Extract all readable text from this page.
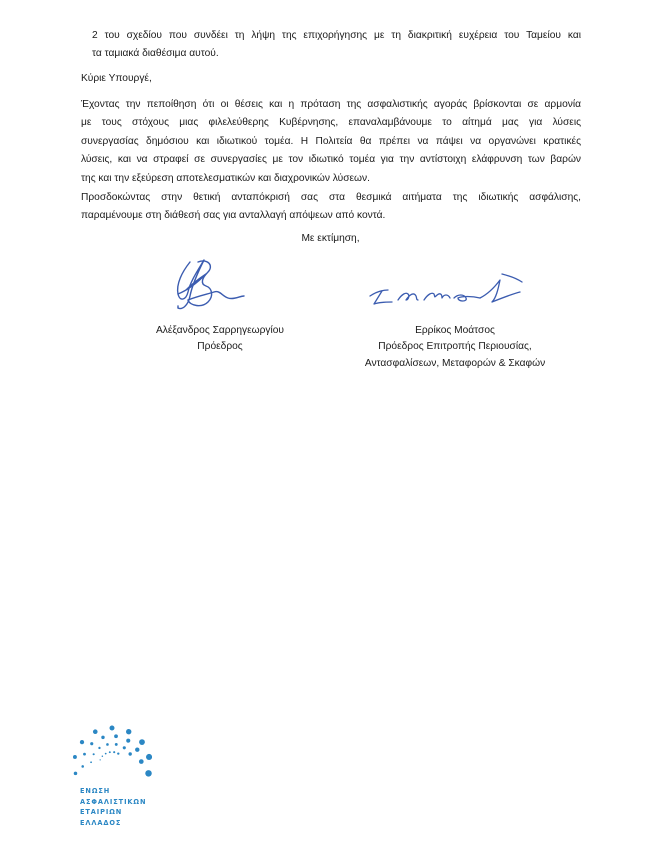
2 του σχεδίου που συνδέει τη λήψη της επιχορήγησης με τη διακριτική ευχέρεια του Ταμείου και
τα ταμιακά διαθέσιμα αυτού.

Κύριε Υπουργέ,

Έχοντας την πεποίθηση ότι οι θέσεις και η πρόταση της ασφαλιστικής αγοράς βρίσκονται σε αρμονία
με τους στόχους μιας φιλελεύθερης Κυβέρνησης, επαναλαμβάνουμε το αίτημά μας για λύσεις
συνεργασίας δημόσιου και ιδιωτικού τομέα. Η Πολιτεία θα πρέπει να πάψει να οργανώνει κρατικές
λύσεις, και να στραφεί σε συνεργασίες με τον ιδιωτικό τομέα για την αντίστοιχη ελάφρυνση των βαρών
της και την εξεύρεση αποτελεσματικών και διαχρονικών λύσεων.

Προσδοκώντας στην θετική ανταπόκρισή σας στα θεσμικά αιτήματα της ιδιωτικής ασφάλισης,
παραμένουμε στη διάθεσή σας για ανταλλαγή απόψεων από κοντά.

Με εκτίμηση,
Αλέξανδρος Σαρρηγεωργίου
Πρόεδρος
Ερρίκος Μοάτσος
Πρόεδρος Επιτροπής Περιουσίας,
Αντασφαλίσεων, Μεταφορών & Σκαφών
ΕΝΩΣΗ
ΑΣΦΑΛΙΣΤΙΚΩΝ
ΕΤΑΙΡΙΩΝ
ΕΛΛΑΔΟΣ
